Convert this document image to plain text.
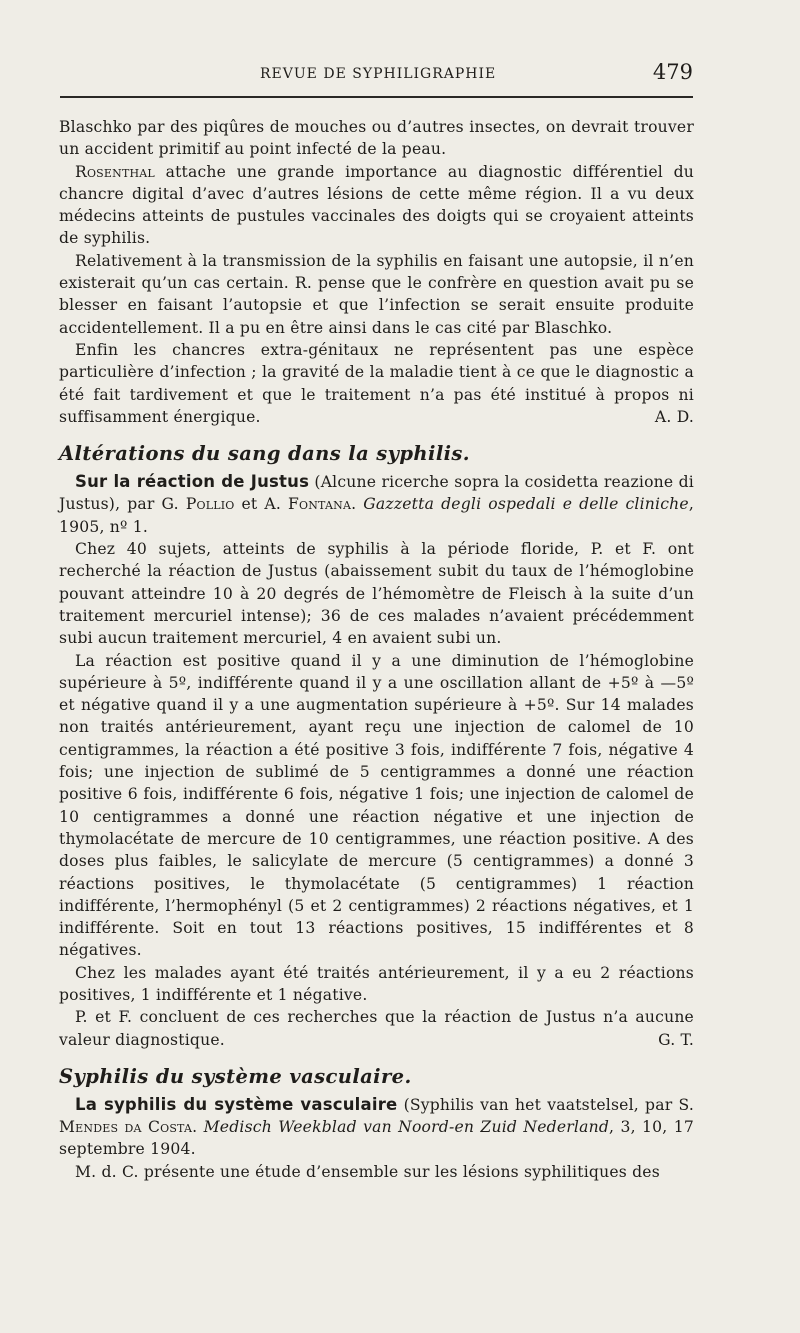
REVUE DE SYPHILIGRAPHIE	479

Blaschko par des piqûres de mouches ou d’autres insectes, on devrait trouver un accident primitif au point infecté de la peau.

Rosenthal attache une grande importance au diagnostic différentiel du chancre digital d’avec d’autres lésions de cette même région. Il a vu deux médecins atteints de pustules vaccinales des doigts qui se croyaient atteints de syphilis.

Relativement à la transmission de la syphilis en faisant une autopsie, il n’en existerait qu’un cas certain. R. pense que le confrère en question avait pu se blesser en faisant l’autopsie et que l’infection se serait ensuite produite accidentellement. Il a pu en être ainsi dans le cas cité par Blaschko.

Enfin les chancres extra-génitaux ne représentent pas une espèce particulière d’infection ; la gravité de la maladie tient à ce que le diagnostic a été fait tardivement et que le traitement n’a pas été institué à propos ni suffisamment énergique.	A. D.

Altérations du sang dans la syphilis.

Sur la réaction de Justus (Alcune ricerche sopra la cosidetta reazione di Justus), par G. Pollio et A. Fontana. Gazzetta degli ospedali e delle cliniche, 1905, nº 1.

Chez 40 sujets, atteints de syphilis à la période floride, P. et F. ont recherché la réaction de Justus (abaissement subit du taux de l’hémoglobine pouvant atteindre 10 à 20 degrés de l’hémomètre de Fleisch à la suite d’un traitement mercuriel intense); 36 de ces malades n’avaient précédemment subi aucun traitement mercuriel, 4 en avaient subi un.

La réaction est positive quand il y a une diminution de l’hémoglobine supérieure à 5º, indifférente quand il y a une oscillation allant de +5º à —5º et négative quand il y a une augmentation supérieure à +5º. Sur 14 malades non traités antérieurement, ayant reçu une injection de calomel de 10 centigrammes, la réaction a été positive 3 fois, indifférente 7 fois, négative 4 fois; une injection de sublimé de 5 centigrammes a donné une réaction positive 6 fois, indifférente 6 fois, négative 1 fois; une injection de calomel de 10 centigrammes a donné une réaction négative et une injection de thymolacétate de mercure de 10 centigrammes, une réaction positive. A des doses plus faibles, le salicylate de mercure (5 centigrammes) a donné 3 réactions positives, le thymolacétate (5 centigrammes) 1 réaction indifférente, l’hermophényl (5 et 2 centigrammes) 2 réactions négatives, et 1 indifférente. Soit en tout 13 réactions positives, 15 indifférentes et 8 négatives.

Chez les malades ayant été traités antérieurement, il y a eu 2 réactions positives, 1 indifférente et 1 négative.

P. et F. concluent de ces recherches que la réaction de Justus n’a aucune valeur diagnostique.	G. T.

Syphilis du système vasculaire.

La syphilis du système vasculaire (Syphilis van het vaatstelsel, par S. Mendes da Costa. Medisch Weekblad van Noord-en Zuid Nederland, 3, 10, 17 septembre 1904.

M. d. C. présente une étude d’ensemble sur les lésions syphilitiques des
